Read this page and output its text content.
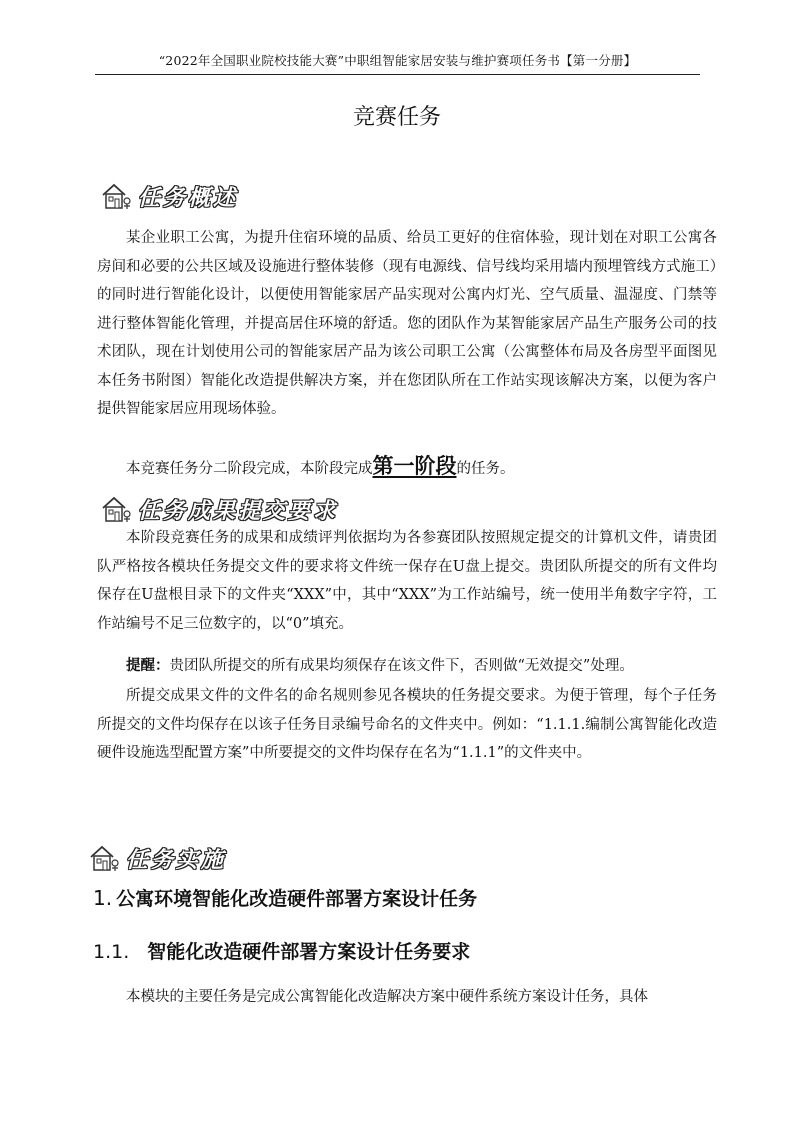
“2022年全国职业院校技能大赛”中职组智能家居安装与维护赛项任务书【第一分册】
竞赛任务
任务概述

某企业职工公寓，为提升住宿环境的品质、给员工更好的住宿体验，现计划在对职工公寓各房间和必要的公共区域及设施进行整体装修（现有电源线、信号线均采用墙内预埋管线方式施工）的同时进行智能化设计，以便使用智能家居产品实现对公寓内灯光、空气质量、温湿度、门禁等进行整体智能化管理，并提高居住环境的舒适。您的团队作为某智能家居产品生产服务公司的技术团队，现在计划使用公司的智能家居产品为该公司职工公寓（公寓整体布局及各房型平面图见本任务书附图）智能化改造提供解决方案，并在您团队所在工作站实现该解决方案，以便为客户提供智能家居应用现场体验。

本竞赛任务分二阶段完成，本阶段完成第一阶段的任务。
任务成果提交要求

本阶段竞赛任务的成果和成绩评判依据均为各参赛团队按照规定提交的计算机文件，请贵团队严格按各模块任务提交文件的要求将文件统一保存在U盘上提交。贵团队所提交的所有文件均保存在U盘根目录下的文件夹“XXX”中，其中“XXX”为工作站编号，统一使用半角数字字符，工作站编号不足三位数字的，以“0”填充。

提醒：贵团队所提交的所有成果均须保存在该文件下，否则做“无效提交”处理。

所提交成果文件的文件名的命名规则参见各模块的任务提交要求。为便于管理，每个子任务所提交的文件均保存在以该子任务目录编号命名的文件夹中。例如：“1.1.1.编制公寓智能化改造硬件设施选型配置方案”中所要提交的文件均保存在名为“1.1.1”的文件夹中。

任务实施
1. 公寓环境智能化改造硬件部署方案设计任务
1.1. 智能化改造硬件部署方案设计任务要求

本模块的主要任务是完成公寓智能化改造解决方案中硬件系统方案设计任务，具体
